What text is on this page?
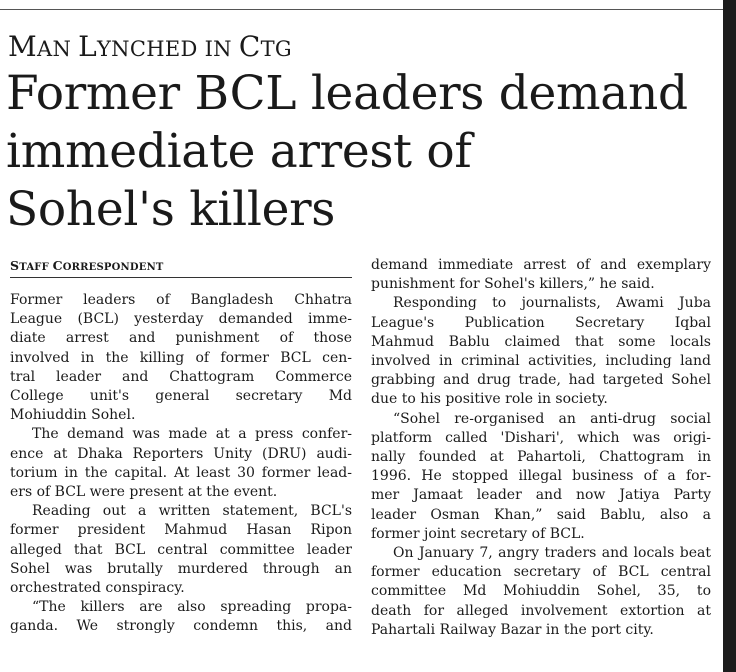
MAN LYNCHED IN CTG
Former BCL leaders demand
immediate arrest of
Sohel's killers
STAFF CORRESPONDENT
Former leaders of Bangladesh Chhatra
League (BCL) yesterday demanded imme-
diate arrest and punishment of those
involved in the killing of former BCL cen-
tral leader and Chattogram Commerce
College unit's general secretary Md
Mohiuddin Sohel.
The demand was made at a press confer-
ence at Dhaka Reporters Unity (DRU) audi-
torium in the capital. At least 30 former lead-
ers of BCL were present at the event.
Reading out a written statement, BCL's
former president Mahmud Hasan Ripon
alleged that BCL central committee leader
Sohel was brutally murdered through an
orchestrated conspiracy.
“The killers are also spreading propa-
ganda. We strongly condemn this, and
demand immediate arrest of and exemplary
punishment for Sohel's killers,” he said.
Responding to journalists, Awami Juba
League's Publication Secretary Iqbal
Mahmud Bablu claimed that some locals
involved in criminal activities, including land
grabbing and drug trade, had targeted Sohel
due to his positive role in society.
“Sohel re-organised an anti-drug social
platform called 'Dishari', which was origi-
nally founded at Pahartoli, Chattogram in
1996. He stopped illegal business of a for-
mer Jamaat leader and now Jatiya Party
leader Osman Khan,” said Bablu, also a
former joint secretary of BCL.
On January 7, angry traders and locals beat
former education secretary of BCL central
committee Md Mohiuddin Sohel, 35, to
death for alleged involvement extortion at
Pahartali Railway Bazar in the port city.
